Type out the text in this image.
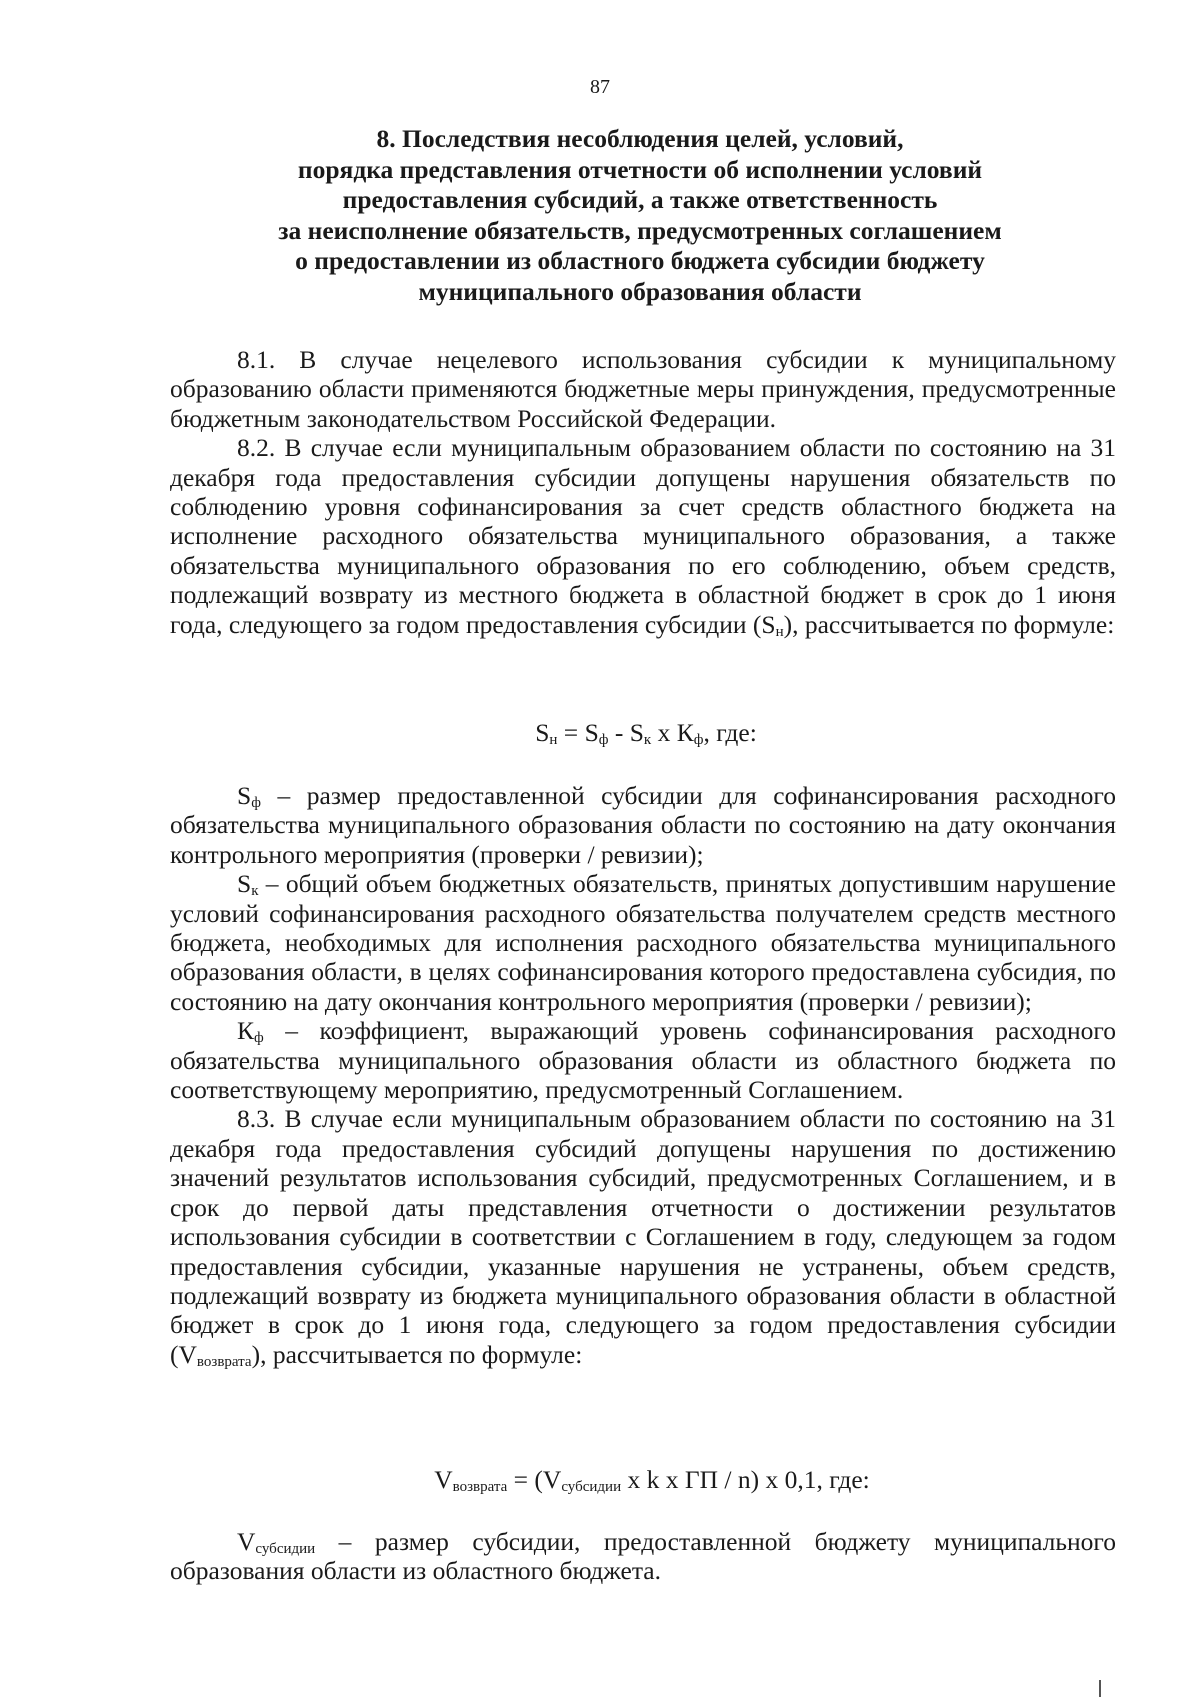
87
8. Последствия несоблюдения целей, условий,
порядка представления отчетности об исполнении условий
предоставления субсидий, а также ответственность
за неисполнение обязательств, предусмотренных соглашением
о предоставлении из областного бюджета субсидии бюджету
муниципального образования области

8.1. В случае нецелевого использования субсидии к муниципальному образованию области применяются бюджетные меры принуждения, предусмотренные бюджетным законодательством Российской Федерации.

8.2. В случае если муниципальным образованием области по состоянию на 31 декабря года предоставления субсидии допущены нарушения обязательств по соблюдению уровня софинансирования за счет средств областного бюджета на исполнение расходного обязательства муниципального образования, а также обязательства муниципального образования по его соблюдению, объем средств, подлежащий возврату из местного бюджета в областной бюджет в срок до 1 июня года, следующего за годом предоставления субсидии $(S_н)$, рассчитывается по формуле:

$S_н = S_ф - S_к$ x $К_ф$, где:

$S_ф$ – размер предоставленной субсидии для софинансирования расходного обязательства муниципального образования области по состоянию на дату окончания контрольного мероприятия (проверки / ревизии);

$S_к$ – общий объем бюджетных обязательств, принятых допустившим нарушение условий софинансирования расходного обязательства получателем средств местного бюджета, необходимых для исполнения расходного обязательства муниципального образования области, в целях софинансирования которого предоставлена субсидия, по состоянию на дату окончания контрольного мероприятия (проверки / ревизии);

$К_ф$ – коэффициент, выражающий уровень софинансирования расходного обязательства муниципального образования области из областного бюджета по соответствующему мероприятию, предусмотренный Соглашением.

8.3. В случае если муниципальным образованием области по состоянию на 31 декабря года предоставления субсидий допущены нарушения по достижению значений результатов использования субсидий, предусмотренных Соглашением, и в срок до первой даты представления отчетности о достижении результатов использования субсидии в соответствии с Соглашением в году, следующем за годом предоставления субсидии, указанные нарушения не устранены, объем средств, подлежащий возврату из бюджета муниципального образования области в областной бюджет в срок до 1 июня года, следующего за годом предоставления субсидии $(V_{возврата})$, рассчитывается по формуле:

$V_{возврата} = (V_{субсидии}$ x k x ГП / n) x 0,1, где:

$V_{субсидии}$ – размер субсидии, предоставленной бюджету муниципального образования области из областного бюджета.
